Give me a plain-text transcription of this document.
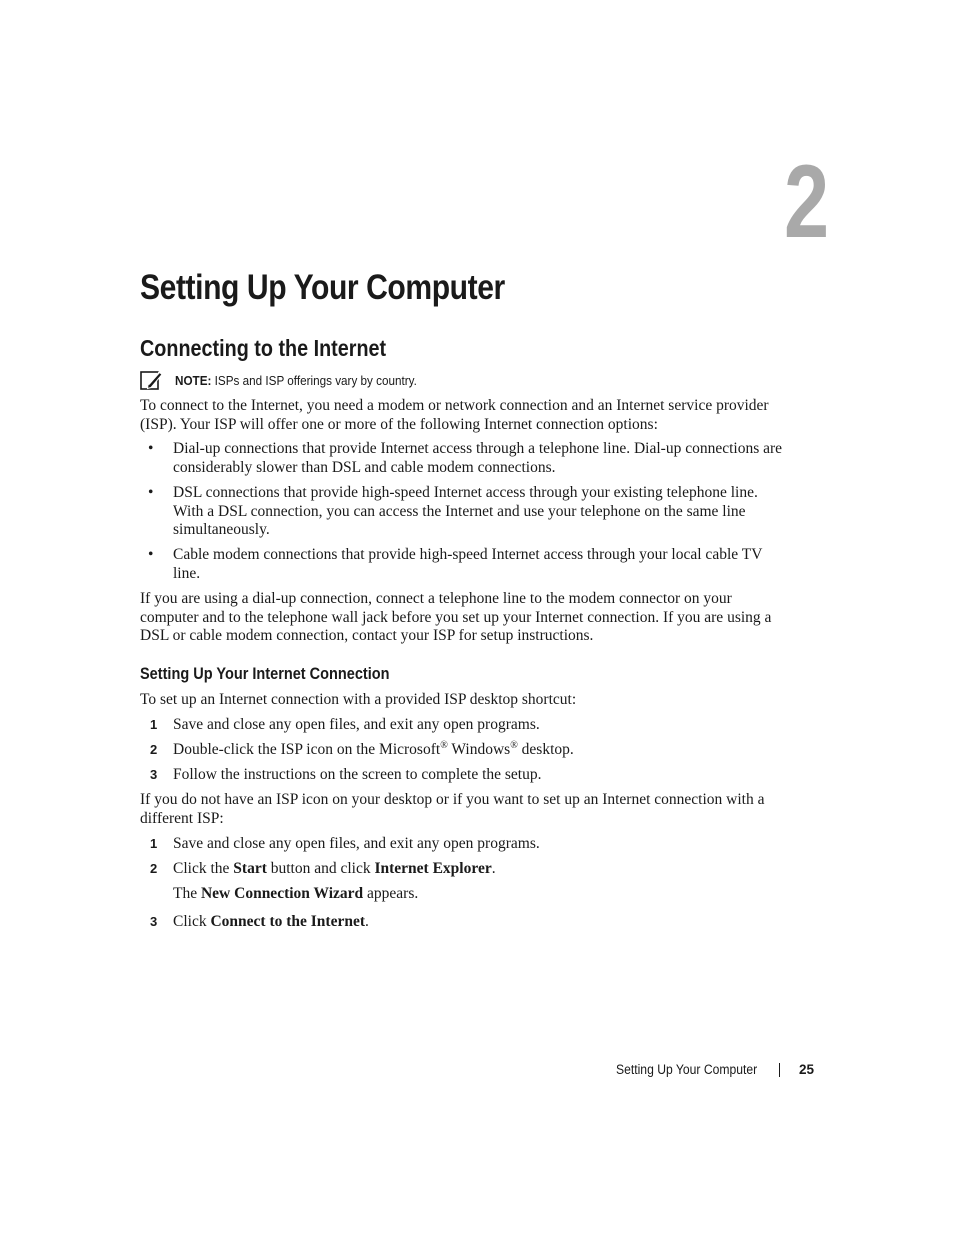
2
Setting Up Your Computer
Connecting to the Internet
NOTE: ISPs and ISP offerings vary by country.

To connect to the Internet, you need a modem or network connection and an Internet service provider (ISP). Your ISP will offer one or more of the following Internet connection options:

• Dial-up connections that provide Internet access through a telephone line. Dial-up connections are considerably slower than DSL and cable modem connections.

• DSL connections that provide high-speed Internet access through your existing telephone line. With a DSL connection, you can access the Internet and use your telephone on the same line simultaneously.

• Cable modem connections that provide high-speed Internet access through your local cable TV line.

If you are using a dial-up connection, connect a telephone line to the modem connector on your computer and to the telephone wall jack before you set up your Internet connection. If you are using a DSL or cable modem connection, contact your ISP for setup instructions.

Setting Up Your Internet Connection

To set up an Internet connection with a provided ISP desktop shortcut:

1 Save and close any open files, and exit any open programs.

2 Double-click the ISP icon on the Microsoft® Windows® desktop.

3 Follow the instructions on the screen to complete the setup.

If you do not have an ISP icon on your desktop or if you want to set up an Internet connection with a different ISP:

1 Save and close any open files, and exit any open programs.

2 Click the Start button and click Internet Explorer.

The New Connection Wizard appears.

3 Click Connect to the Internet.

Setting Up Your Computer	25
